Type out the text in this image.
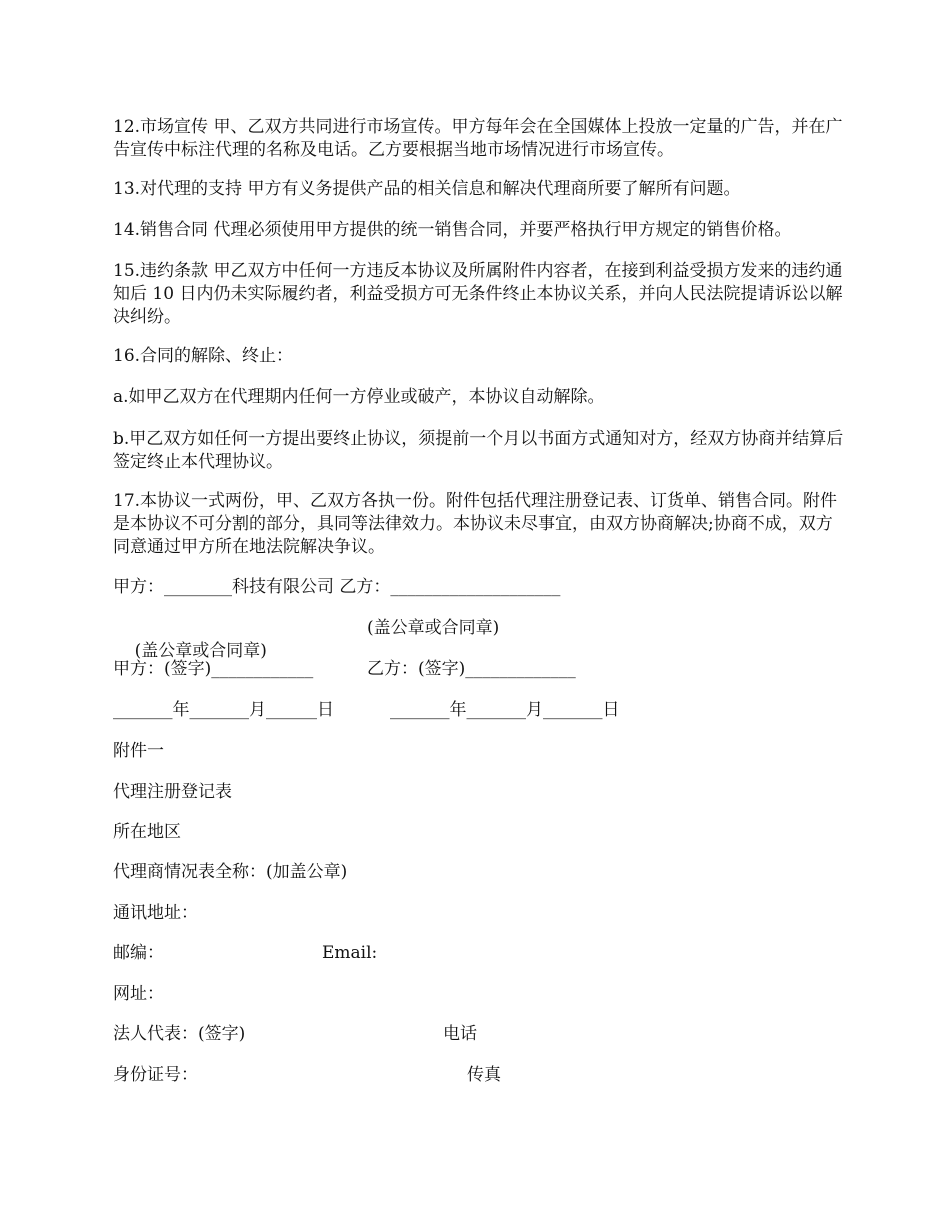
12.市场宣传 甲、乙双方共同进行市场宣传。甲方每年会在全国媒体上投放一定量的广告，并在广告宣传中标注代理的名称及电话。乙方要根据当地市场情况进行市场宣传。

13.对代理的支持 甲方有义务提供产品的相关信息和解决代理商所要了解所有问题。

14.销售合同 代理必须使用甲方提供的统一销售合同，并要严格执行甲方规定的销售价格。

15.违约条款 甲乙双方中任何一方违反本协议及所属附件内容者，在接到利益受损方发来的违约通知后 10 日内仍未实际履约者，利益受损方可无条件终止本协议关系，并向人民法院提请诉讼以解决纠纷。

16.合同的解除、终止：

a.如甲乙双方在代理期内任何一方停业或破产，本协议自动解除。

b.甲乙双方如任何一方提出要终止协议，须提前一个月以书面方式通知对方，经双方协商并结算后签定终止本代理协议。

17.本协议一式两份，甲、乙双方各执一份。附件包括代理注册登记表、订货单、销售合同。附件是本协议不可分割的部分，具同等法律效力。本协议未尽事宜，由双方协商解决;协商不成，双方同意通过甲方所在地法院解决争议。

甲方：________科技有限公司 乙方：____________________

(盖公章或合同章)

(盖公章或合同章)
甲方：(签字)____________	乙方：(签字)_____________
_______年_______月______日	_______年_______月_______日
附件一
代理注册登记表
所在地区
代理商情况表全称：(加盖公章)
通讯地址：
邮编：	Email:
网址：
法人代表：(签字)	电话
身份证号：	传真
